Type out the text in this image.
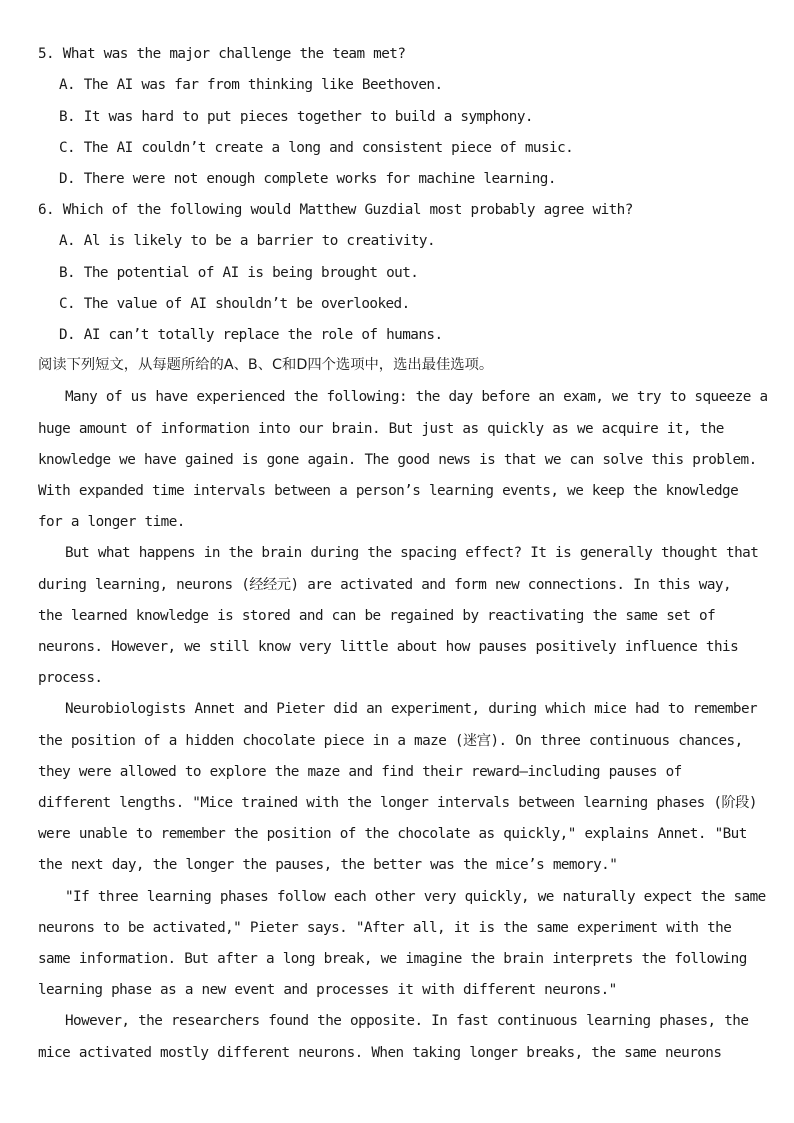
5. What was the major challenge the team met?
A. The AI was far from thinking like Beethoven.
B. It was hard to put pieces together to build a symphony.
C. The AI couldn’t create a long and consistent piece of music.
D. There were not enough complete works for machine learning.
6. Which of the following would Matthew Guzdial most probably agree with?
A. Al is likely to be a barrier to creativity.
B. The potential of AI is being brought out.
C. The value of AI shouldn’t be overlooked.
D. AI can’t totally replace the role of humans.
阅读下列短文，从每题所给的A、B、C和D四个选项中，选出最佳选项。
Many of us have experienced the following: the day before an exam, we try to squeeze a
huge amount of information into our brain. But just as quickly as we acquire it, the
knowledge we have gained is gone again. The good news is that we can solve this problem.
With expanded time intervals between a person’s learning events, we keep the knowledge
for a longer time.
But what happens in the brain during the spacing effect? It is generally thought that
during learning, neurons (经经元) are activated and form new connections. In this way,
the learned knowledge is stored and can be regained by reactivating the same set of
neurons. However, we still know very little about how pauses positively influence this
process.
Neurobiologists Annet and Pieter did an experiment, during which mice had to remember
the position of a hidden chocolate piece in a maze (迷宫). On three continuous chances,
they were allowed to explore the maze and find their reward—including pauses of
different lengths. "Mice trained with the longer intervals between learning phases (阶段)
were unable to remember the position of the chocolate as quickly," explains Annet. "But
the next day, the longer the pauses, the better was the mice’s memory."
"If three learning phases follow each other very quickly, we naturally expect the same
neurons to be activated," Pieter says. "After all, it is the same experiment with the
same information. But after a long break, we imagine the brain interprets the following
learning phase as a new event and processes it with different neurons."
However, the researchers found the opposite. In fast continuous learning phases, the
mice activated mostly different neurons. When taking longer breaks, the same neurons
